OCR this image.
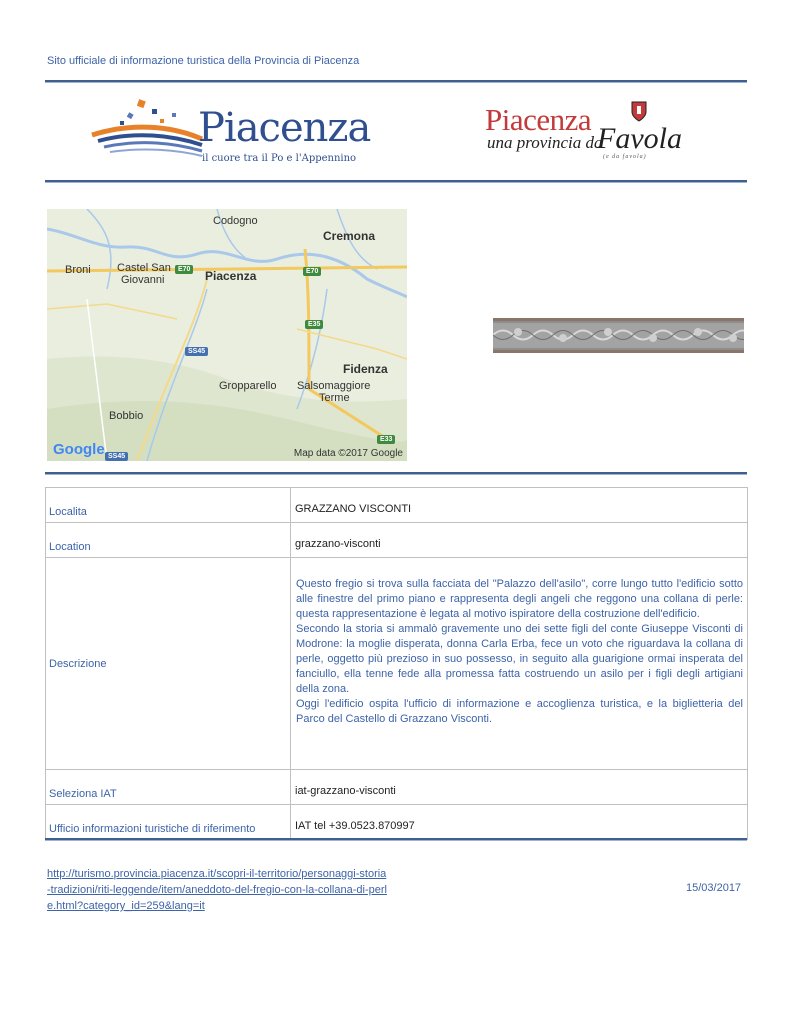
Sito ufficiale di informazione turistica della Provincia di Piacenza
Piacenza
il cuore tra il Po e l'Appennino
Piacenza
una provincia da
Favola
(e da favola)
Codogno
Cremona
Broni Castel San
Giovanni	Piacenza
Fidenza
Gropparello Salsomaggiore
Terme
Bobbio
E70	E70
E35
SS45
SS45
E33
Google	Map data ©2017 Google
Localita	GRAZZANO VISCONTI
Location	grazzano-visconti
Descrizione	Questo fregio si trova sulla facciata del "Palazzo dell'asilo", corre lungo tutto l'edificio sotto alle finestre del primo piano e rappresenta degli angeli che reggono una collana di perle: questa rappresentazione è legata al motivo ispiratore della costruzione dell'edificio.

Secondo la storia si ammalò gravemente uno dei sette figli del conte Giuseppe Visconti di Modrone: la moglie disperata, donna Carla Erba, fece un voto che riguardava la collana di perle, oggetto più prezioso in suo possesso, in seguito alla guarigione ormai insperata del fanciullo, ella tenne fede alla promessa fatta costruendo un asilo per i figli degli artigiani della zona.

Oggi l'edificio ospita l'ufficio di informazione e accoglienza turistica, e la biglietteria del Parco del Castello di Grazzano Visconti.

Seleziona IAT	iat-grazzano-visconti
Ufficio informazioni turistiche di riferimento	IAT tel +39.0523.870997
http://turismo.provincia.piacenza.it/scopri-il-territorio/personaggi-storia-tradizioni/riti-leggende/item/aneddoto-del-fregio-con-la-collana-di-perle.html?category_id=259&lang=it
15/03/2017
